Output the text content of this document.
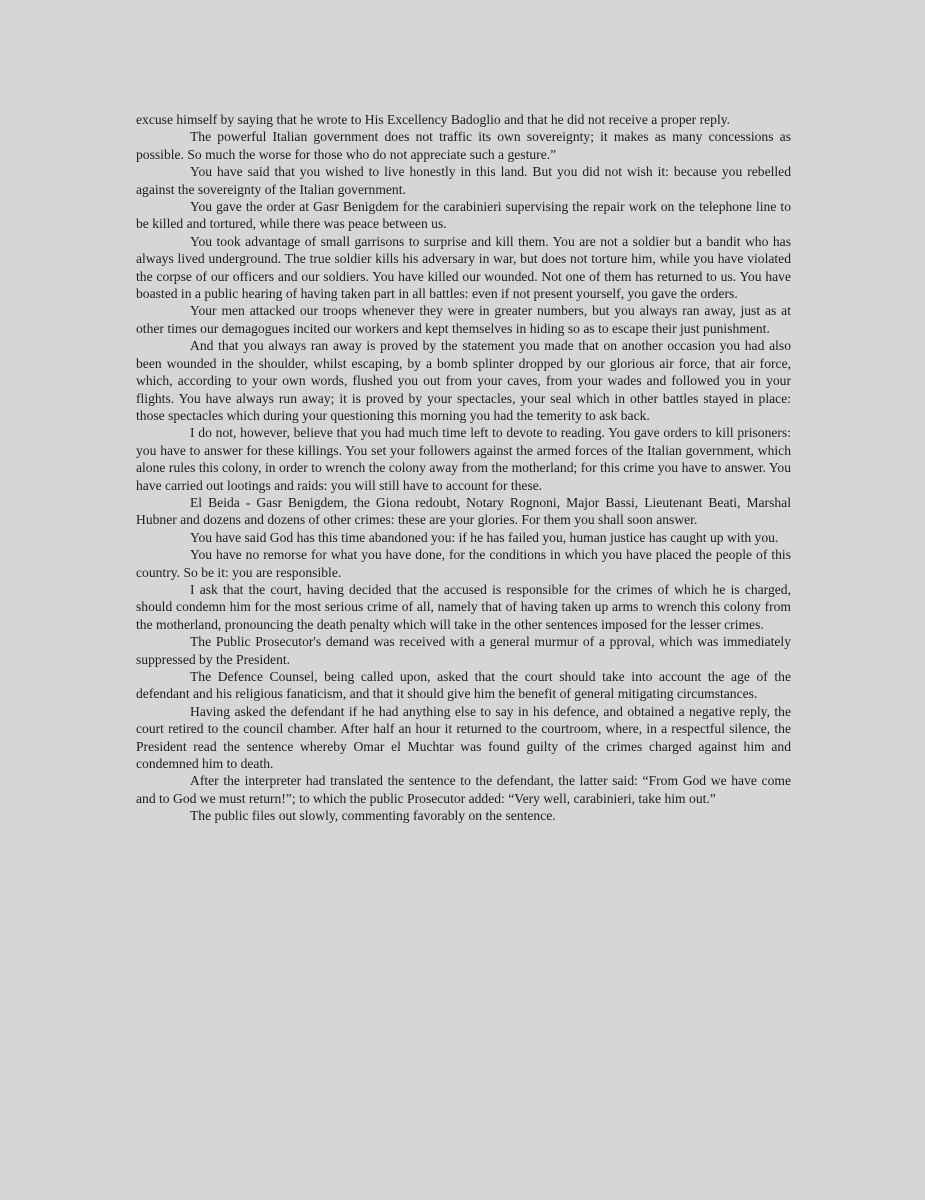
excuse himself by saying that he wrote to His Excellency Badoglio and that he did not receive a proper reply.

The powerful Italian government does not traffic its own sovereignty; it makes as many concessions as possible. So much the worse for those who do not appreciate such a gesture.”

You have said that you wished to live honestly in this land. But you did not wish it: because you rebelled against the sovereignty of the Italian government.

You gave the order at Gasr Benigdem for the carabinieri supervising the repair work on the telephone line to be killed and tortured, while there was peace between us.

You took advantage of small garrisons to surprise and kill them. You are not a soldier but a bandit who has always lived underground. The true soldier kills his adversary in war, but does not torture him, while you have violated the corpse of our officers and our soldiers. You have killed our wounded. Not one of them has returned to us. You have boasted in a public hearing of having taken part in all battles: even if not present yourself, you gave the orders.

Your men attacked our troops whenever they were in greater numbers, but you always ran away, just as at other times our demagogues incited our workers and kept themselves in hiding so as to escape their just punishment.

And that you always ran away is proved by the statement you made that on another occasion you had also been wounded in the shoulder, whilst escaping, by a bomb splinter dropped by our glorious air force, that air force, which, according to your own words, flushed you out from your caves, from your wades and followed you in your flights. You have always run away; it is proved by your spectacles, your seal which in other battles stayed in place: those spectacles which during your questioning this morning you had the temerity to ask back.

I do not, however, believe that you had much time left to devote to reading. You gave orders to kill prisoners: you have to answer for these killings. You set your followers against the armed forces of the Italian government, which alone rules this colony, in order to wrench the colony away from the motherland; for this crime you have to answer. You have carried out lootings and raids: you will still have to account for these.

El Beida - Gasr Benigdem, the Giona redoubt, Notary Rognoni, Major Bassi, Lieutenant Beati, Marshal Hubner and dozens and dozens of other crimes: these are your glories. For them you shall soon answer.

You have said God has this time abandoned you: if he has failed you, human justice has caught up with you.

You have no remorse for what you have done, for the conditions in which you have placed the people of this country. So be it: you are responsible.

I ask that the court, having decided that the accused is responsible for the crimes of which he is charged, should condemn him for the most serious crime of all, namely that of having taken up arms to wrench this colony from the motherland, pronouncing the death penalty which will take in the other sentences imposed for the lesser crimes.

The Public Prosecutor's demand was received with a general murmur of a pproval, which was immediately suppressed by the President.

The Defence Counsel, being called upon, asked that the court should take into account the age of the defendant and his religious fanaticism, and that it should give him the benefit of general mitigating circumstances.

Having asked the defendant if he had anything else to say in his defence, and obtained a negative reply, the court retired to the council chamber. After half an hour it returned to the courtroom, where, in a respectful silence, the President read the sentence whereby Omar el Muchtar was found guilty of the crimes charged against him and condemned him to death.

After the interpreter had translated the sentence to the defendant, the latter said: “From God we have come and to God we must return!”; to which the public Prosecutor added: “Very well, carabinieri, take him out.”

The public files out slowly, commenting favorably on the sentence.
